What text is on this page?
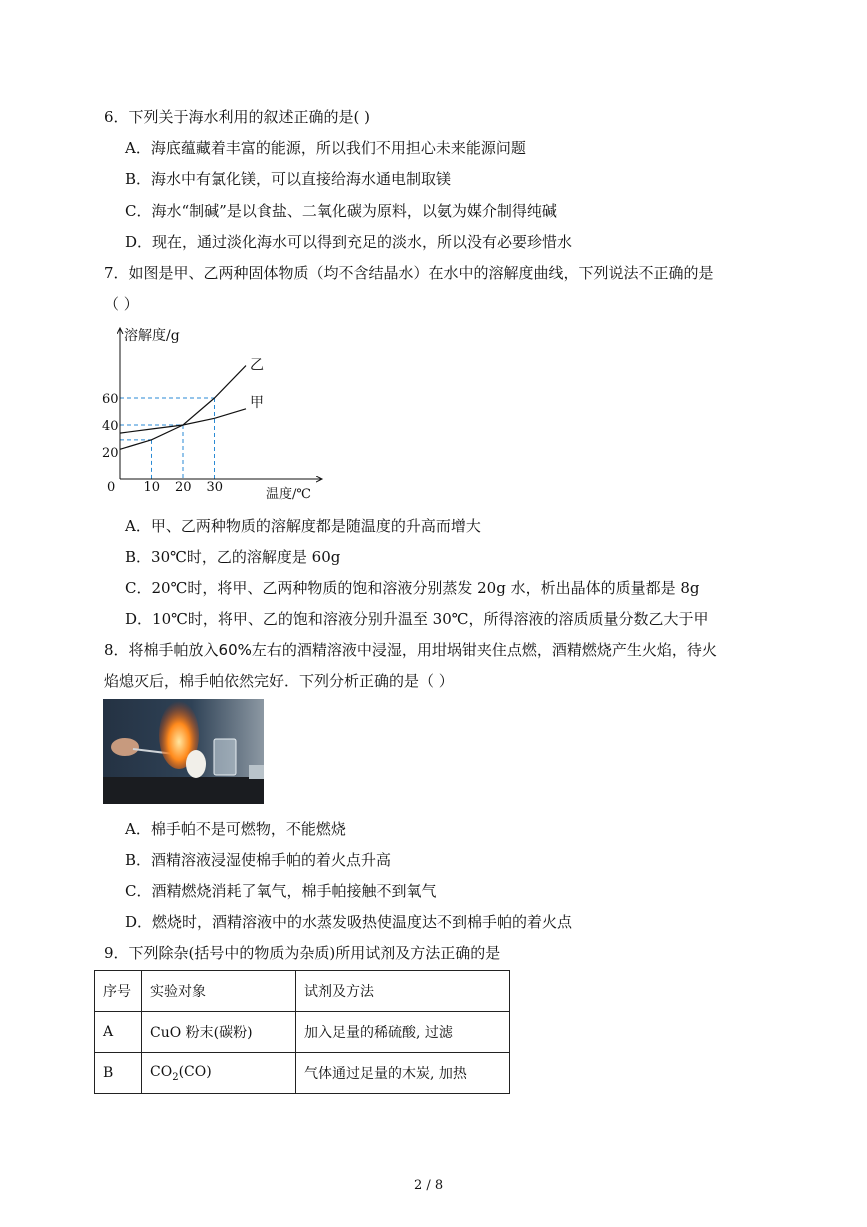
6．下列关于海水利用的叙述正确的是( )
A．海底蕴藏着丰富的能源，所以我们不用担心未来能源问题
B．海水中有氯化镁，可以直接给海水通电制取镁
C．海水“制碱”是以食盐、二氧化碳为原料，以氨为媒介制得纯碱
D．现在，通过淡化海水可以得到充足的淡水，所以没有必要珍惜水
7．如图是甲、乙两种固体物质（均不含结晶水）在水中的溶解度曲线，下列说法不正确的是
（ ）
溶解度/g
温度/℃
0 10 20 30
20
40
60	甲
乙
A．甲、乙两种物质的溶解度都是随温度的升高而增大
B．30℃时，乙的溶解度是 60g
C．20℃时，将甲、乙两种物质的饱和溶液分别蒸发 20g 水，析出晶体的质量都是 8g
D．10℃时，将甲、乙的饱和溶液分别升温至 30℃，所得溶液的溶质质量分数乙大于甲
8．将棉手帕放入60%左右的酒精溶液中浸湿，用坩埚钳夹住点燃，酒精燃烧产生火焰，待火
焰熄灭后，棉手帕依然完好．下列分析正确的是（ ）
A．棉手帕不是可燃物，不能燃烧
B．酒精溶液浸湿使棉手帕的着火点升高
C．酒精燃烧消耗了氧气，棉手帕接触不到氧气
D．燃烧时，酒精溶液中的水蒸发吸热使温度达不到棉手帕的着火点
9．下列除杂(括号中的物质为杂质)所用试剂及方法正确的是
序号	实验对象	试剂及方法
A	CuO 粉末(碳粉)	加入足量的稀硫酸, 过滤
B	$CO_2(CO)$	气体通过足量的木炭, 加热
2 / 8
